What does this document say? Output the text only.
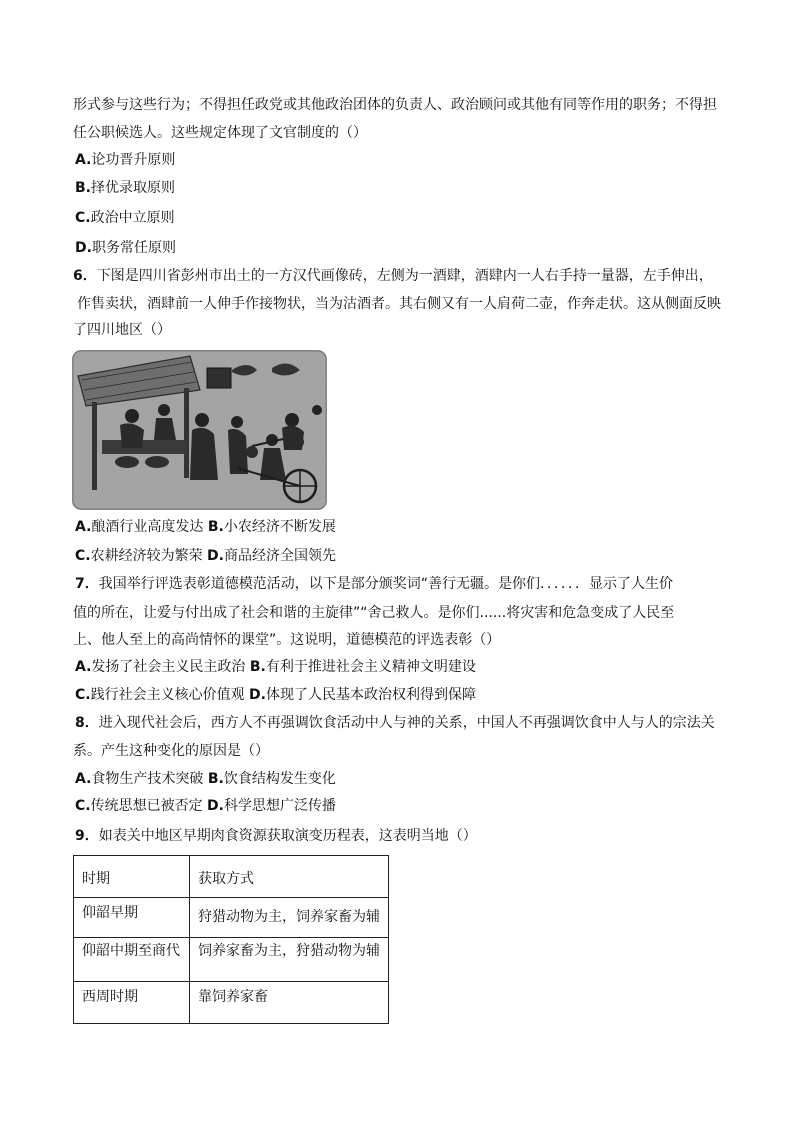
形式参与这些行为；不得担任政党或其他政治团体的负责人、政治顾问或其他有同等作用的职务；不得担
任公职候选人。这些规定体现了文官制度的（）
A.论功晋升原则
B.择优录取原则
C.政治中立原则
D.职务常任原则
6．下图是四川省彭州市出土的一方汉代画像砖，左侧为一酒肆，酒肆内一人右手持一量器，左手伸出，
作售卖状，酒肆前一人伸手作接物状，当为沽酒者。其右侧又有一人肩荷二壶，作奔走状。这从侧面反映
了四川地区（）
A.酿酒行业高度发达 B.小农经济不断发展
C.农耕经济较为繁荣 D.商品经济全国领先
7．我国举行评选表彰道德模范活动，以下是部分颁奖词“善行无疆。是你们．．．．．．显示了人生价
值的所在，让爱与付出成了社会和谐的主旋律”“舍己救人。是你们......将灾害和危急变成了人民至
上、他人至上的高尚情怀的课堂”。这说明，道德模范的评选表彰（）
A.发扬了社会主义民主政治 B.有利于推进社会主义精神文明建设
C.践行社会主义核心价值观 D.体现了人民基本政治权利得到保障
8．进入现代社会后，西方人不再强调饮食活动中人与神的关系，中国人不再强调饮食中人与人的宗法关
系。产生这种变化的原因是（）
A.食物生产技术突破 B.饮食结构发生变化
C.传统思想已被否定 D.科学思想广泛传播
9．如表关中地区早期肉食资源获取演变历程表，这表明当地（）
时期	获取方式
仰韶早期	狩猎动物为主，饲养家畜为辅
仰韶中期至商代	饲养家畜为主，狩猎动物为辅
西周时期	靠饲养家畜
